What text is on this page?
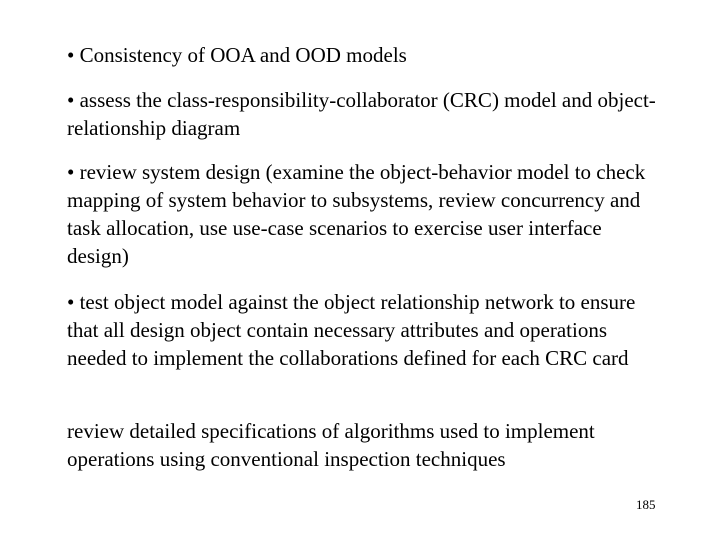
• Consistency of OOA and OOD models

• assess the class-responsibility-collaborator (CRC) model and object-relationship diagram

• review system design (examine the object-behavior model to check mapping of system behavior to subsystems, review concurrency and task allocation, use use-case scenarios to exercise user interface design)

• test object model against the object relationship network to ensure that all design object contain necessary attributes and operations needed to implement the collaborations defined for each CRC card

review detailed specifications of algorithms used to implement operations using conventional inspection techniques

185
